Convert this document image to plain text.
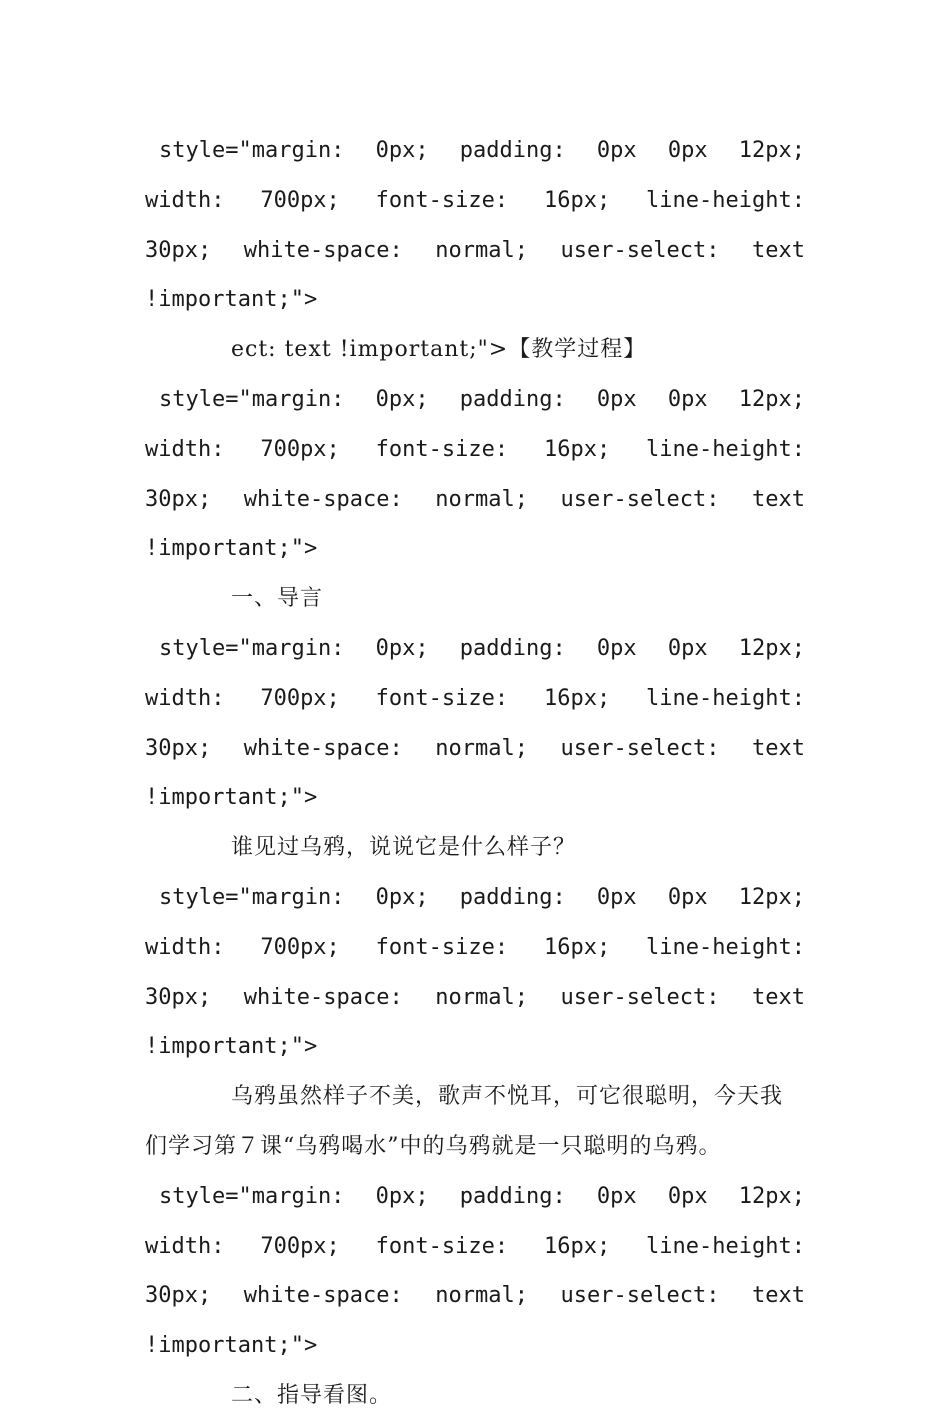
style="margin: 0px; padding: 0px 0px 12px; width: 700px; font-size: 16px; line-height: 30px; white-space: normal; user-select: text !important;">

ect: text !important;">【教学过程】

style="margin: 0px; padding: 0px 0px 12px; width: 700px; font-size: 16px; line-height: 30px; white-space: normal; user-select: text !important;">

一、导言

style="margin: 0px; padding: 0px 0px 12px; width: 700px; font-size: 16px; line-height: 30px; white-space: normal; user-select: text !important;">

谁见过乌鸦，说说它是什么样子？

style="margin: 0px; padding: 0px 0px 12px; width: 700px; font-size: 16px; line-height: 30px; white-space: normal; user-select: text !important;">

乌鸦虽然样子不美，歌声不悦耳，可它很聪明，今天我们学习第７课“乌鸦喝水”中的乌鸦就是一只聪明的乌鸦。

style="margin: 0px; padding: 0px 0px 12px; width: 700px; font-size: 16px; line-height: 30px; white-space: normal; user-select: text !important;">

二、指导看图。
